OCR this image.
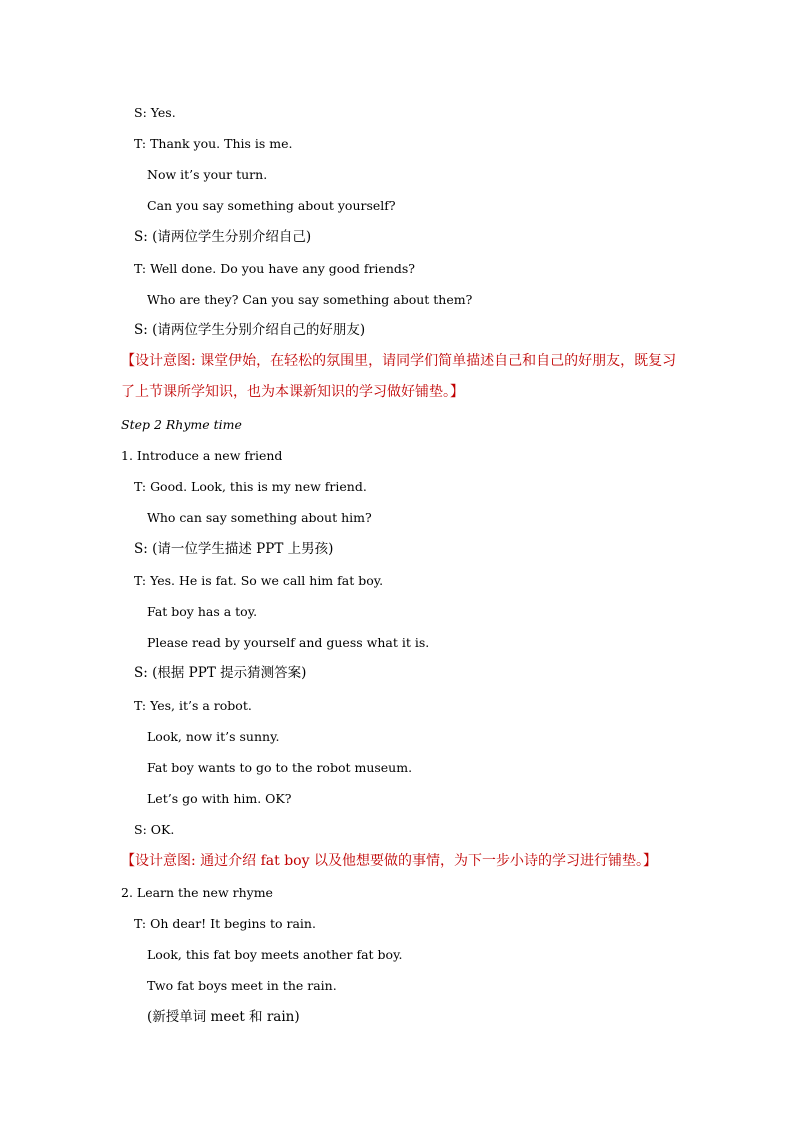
S: Yes.
T: Thank you. This is me.
Now it’s your turn.
Can you say something about yourself?
S: (请两位学生分别介绍自己)
T: Well done. Do you have any good friends?
Who are they? Can you say something about them?
S: (请两位学生分别介绍自己的好朋友)
【设计意图: 课堂伊始，在轻松的氛围里，请同学们简单描述自己和自己的好朋友，既复习
了上节课所学知识，也为本课新知识的学习做好铺垫。】
Step 2 Rhyme time
1. Introduce a new friend
T: Good. Look, this is my new friend.
Who can say something about him?
S: (请一位学生描述 PPT 上男孩)
T: Yes. He is fat. So we call him fat boy.
Fat boy has a toy.
Please read by yourself and guess what it is.
S: (根据 PPT 提示猜测答案)
T: Yes, it’s a robot.
Look, now it’s sunny.
Fat boy wants to go to the robot museum.
Let’s go with him. OK?
S: OK.
【设计意图: 通过介绍 fat boy 以及他想要做的事情，为下一步小诗的学习进行铺垫。】
2. Learn the new rhyme
T: Oh dear! It begins to rain.
Look, this fat boy meets another fat boy.
Two fat boys meet in the rain.
(新授单词 meet 和 rain)
